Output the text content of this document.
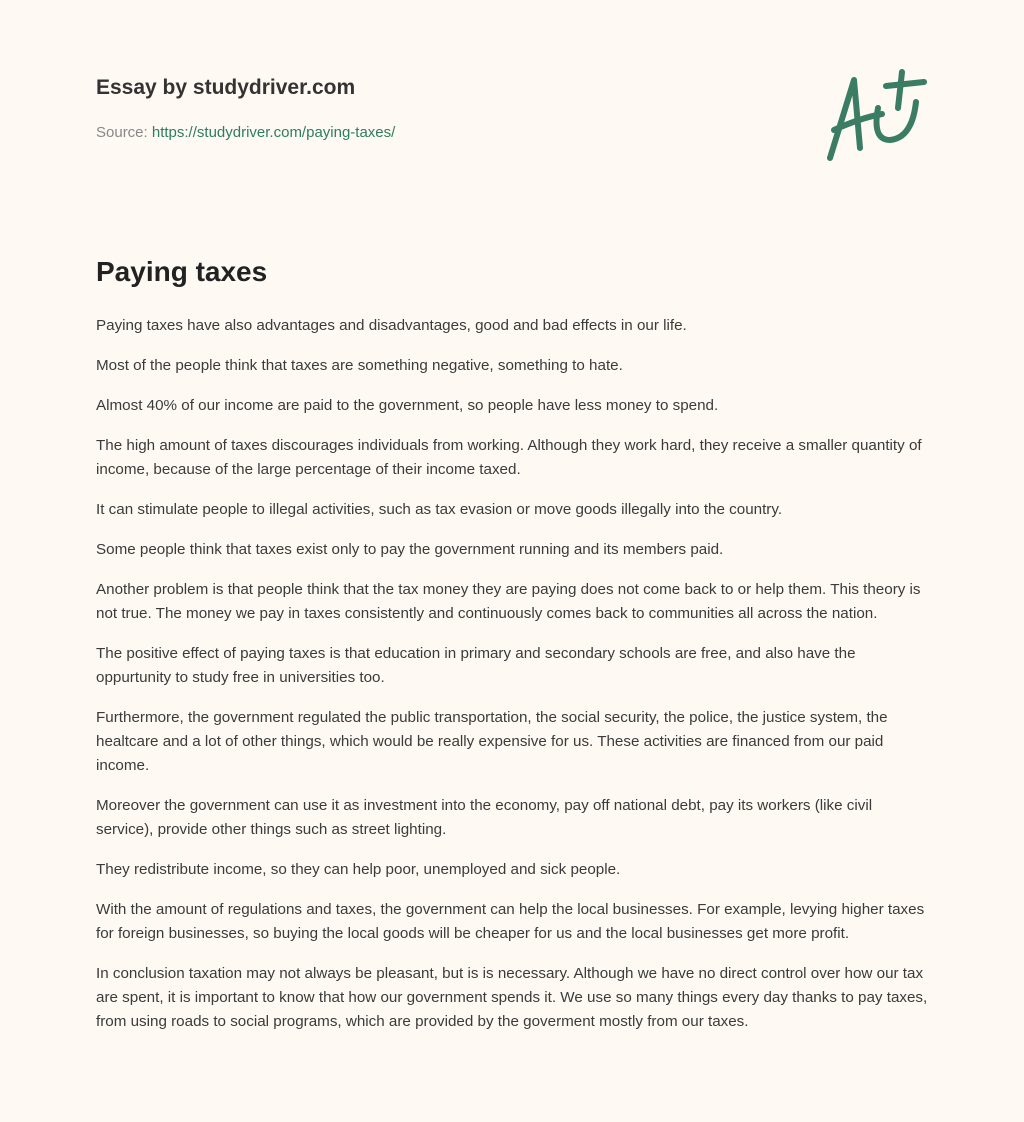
Essay by studydriver.com
Source: https://studydriver.com/paying-taxes/
Paying taxes

Paying taxes have also advantages and disadvantages, good and bad effects in our life.

Most of the people think that taxes are something negative, something to hate.

Almost 40% of our income are paid to the government, so people have less money to spend.

The high amount of taxes discourages individuals from working. Although they work hard, they receive a smaller quantity of income, because of the large percentage of their income taxed.

It can stimulate people to illegal activities, such as tax evasion or move goods illegally into the country.

Some people think that taxes exist only to pay the government running and its members paid.

Another problem is that people think that the tax money they are paying does not come back to or help them. This theory is not true. The money we pay in taxes consistently and continuously comes back to communities all across the nation.

The positive effect of paying taxes is that education in primary and secondary schools are free, and also have the oppurtunity to study free in universities too.

Furthermore, the government regulated the public transportation, the social security, the police, the justice system, the healtcare and a lot of other things, which would be really expensive for us. These activities are financed from our paid income.

Moreover the government can use it as investment into the economy, pay off national debt, pay its workers (like civil service), provide other things such as street lighting.

They redistribute income, so they can help poor, unemployed and sick people.

With the amount of regulations and taxes, the government can help the local businesses. For example, levying higher taxes for foreign businesses, so buying the local goods will be cheaper for us and the local businesses get more profit.

In conclusion taxation may not always be pleasant, but is is necessary. Although we have no direct control over how our tax are spent, it is important to know that how our government spends it. We use so many things every day thanks to pay taxes, from using roads to social programs, which are provided by the goverment mostly from our taxes.
